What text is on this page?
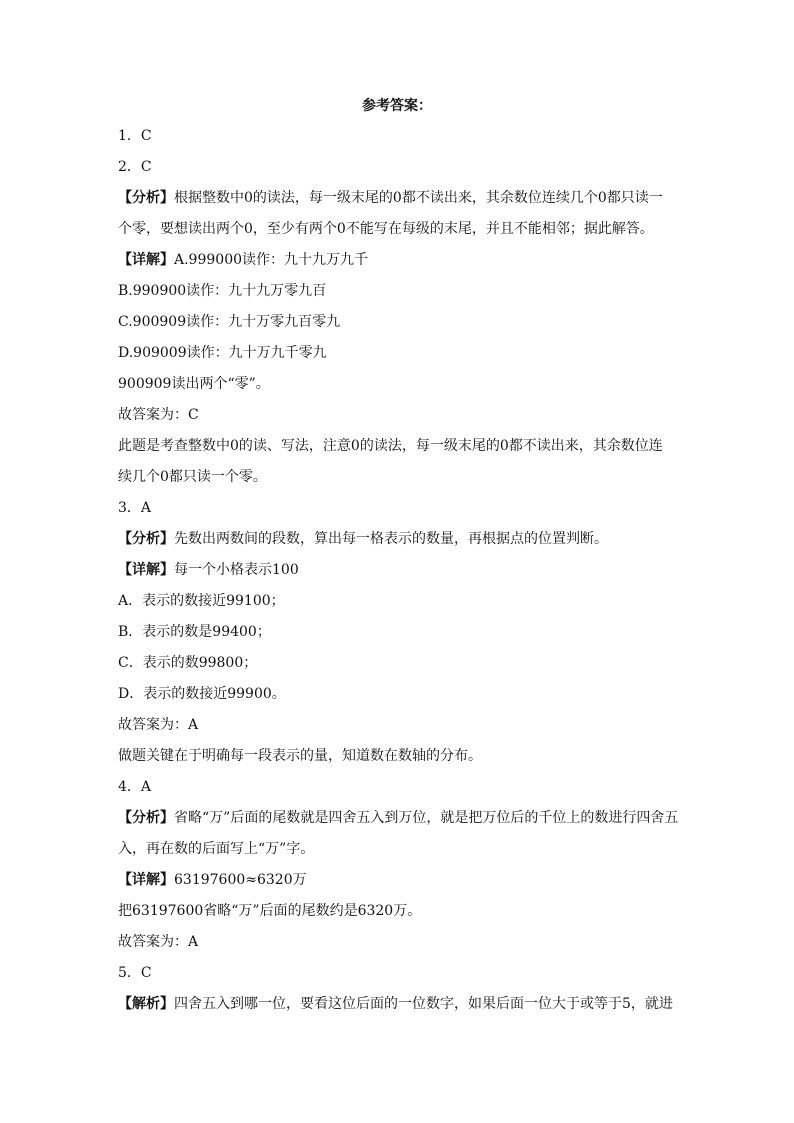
参考答案：
1．C
2．C
【分析】根据整数中0的读法，每一级末尾的0都不读出来，其余数位连续几个0都只读一
个零，要想读出两个0，至少有两个0不能写在每级的末尾，并且不能相邻；据此解答。
【详解】A.999000读作：九十九万九千
B.990900读作：九十九万零九百
C.900909读作：九十万零九百零九
D.909009读作：九十万九千零九
900909读出两个“零”。
故答案为：C
此题是考查整数中0的读、写法，注意0的读法，每一级末尾的0都不读出来，其余数位连
续几个0都只读一个零。
3．A
【分析】先数出两数间的段数，算出每一格表示的数量，再根据点的位置判断。
【详解】每一个小格表示100
A．表示的数接近99100；
B．表示的数是99400；
C．表示的数99800；
D．表示的数接近99900。
故答案为：A
做题关键在于明确每一段表示的量，知道数在数轴的分布。
4．A
【分析】省略“万”后面的尾数就是四舍五入到万位，就是把万位后的千位上的数进行四舍五
入，再在数的后面写上“万”字。
【详解】63197600≈6320万
把63197600省略“万”后面的尾数约是6320万。
故答案为：A
5．C
【解析】四舍五入到哪一位，要看这位后面的一位数字，如果后面一位大于或等于5，就进
